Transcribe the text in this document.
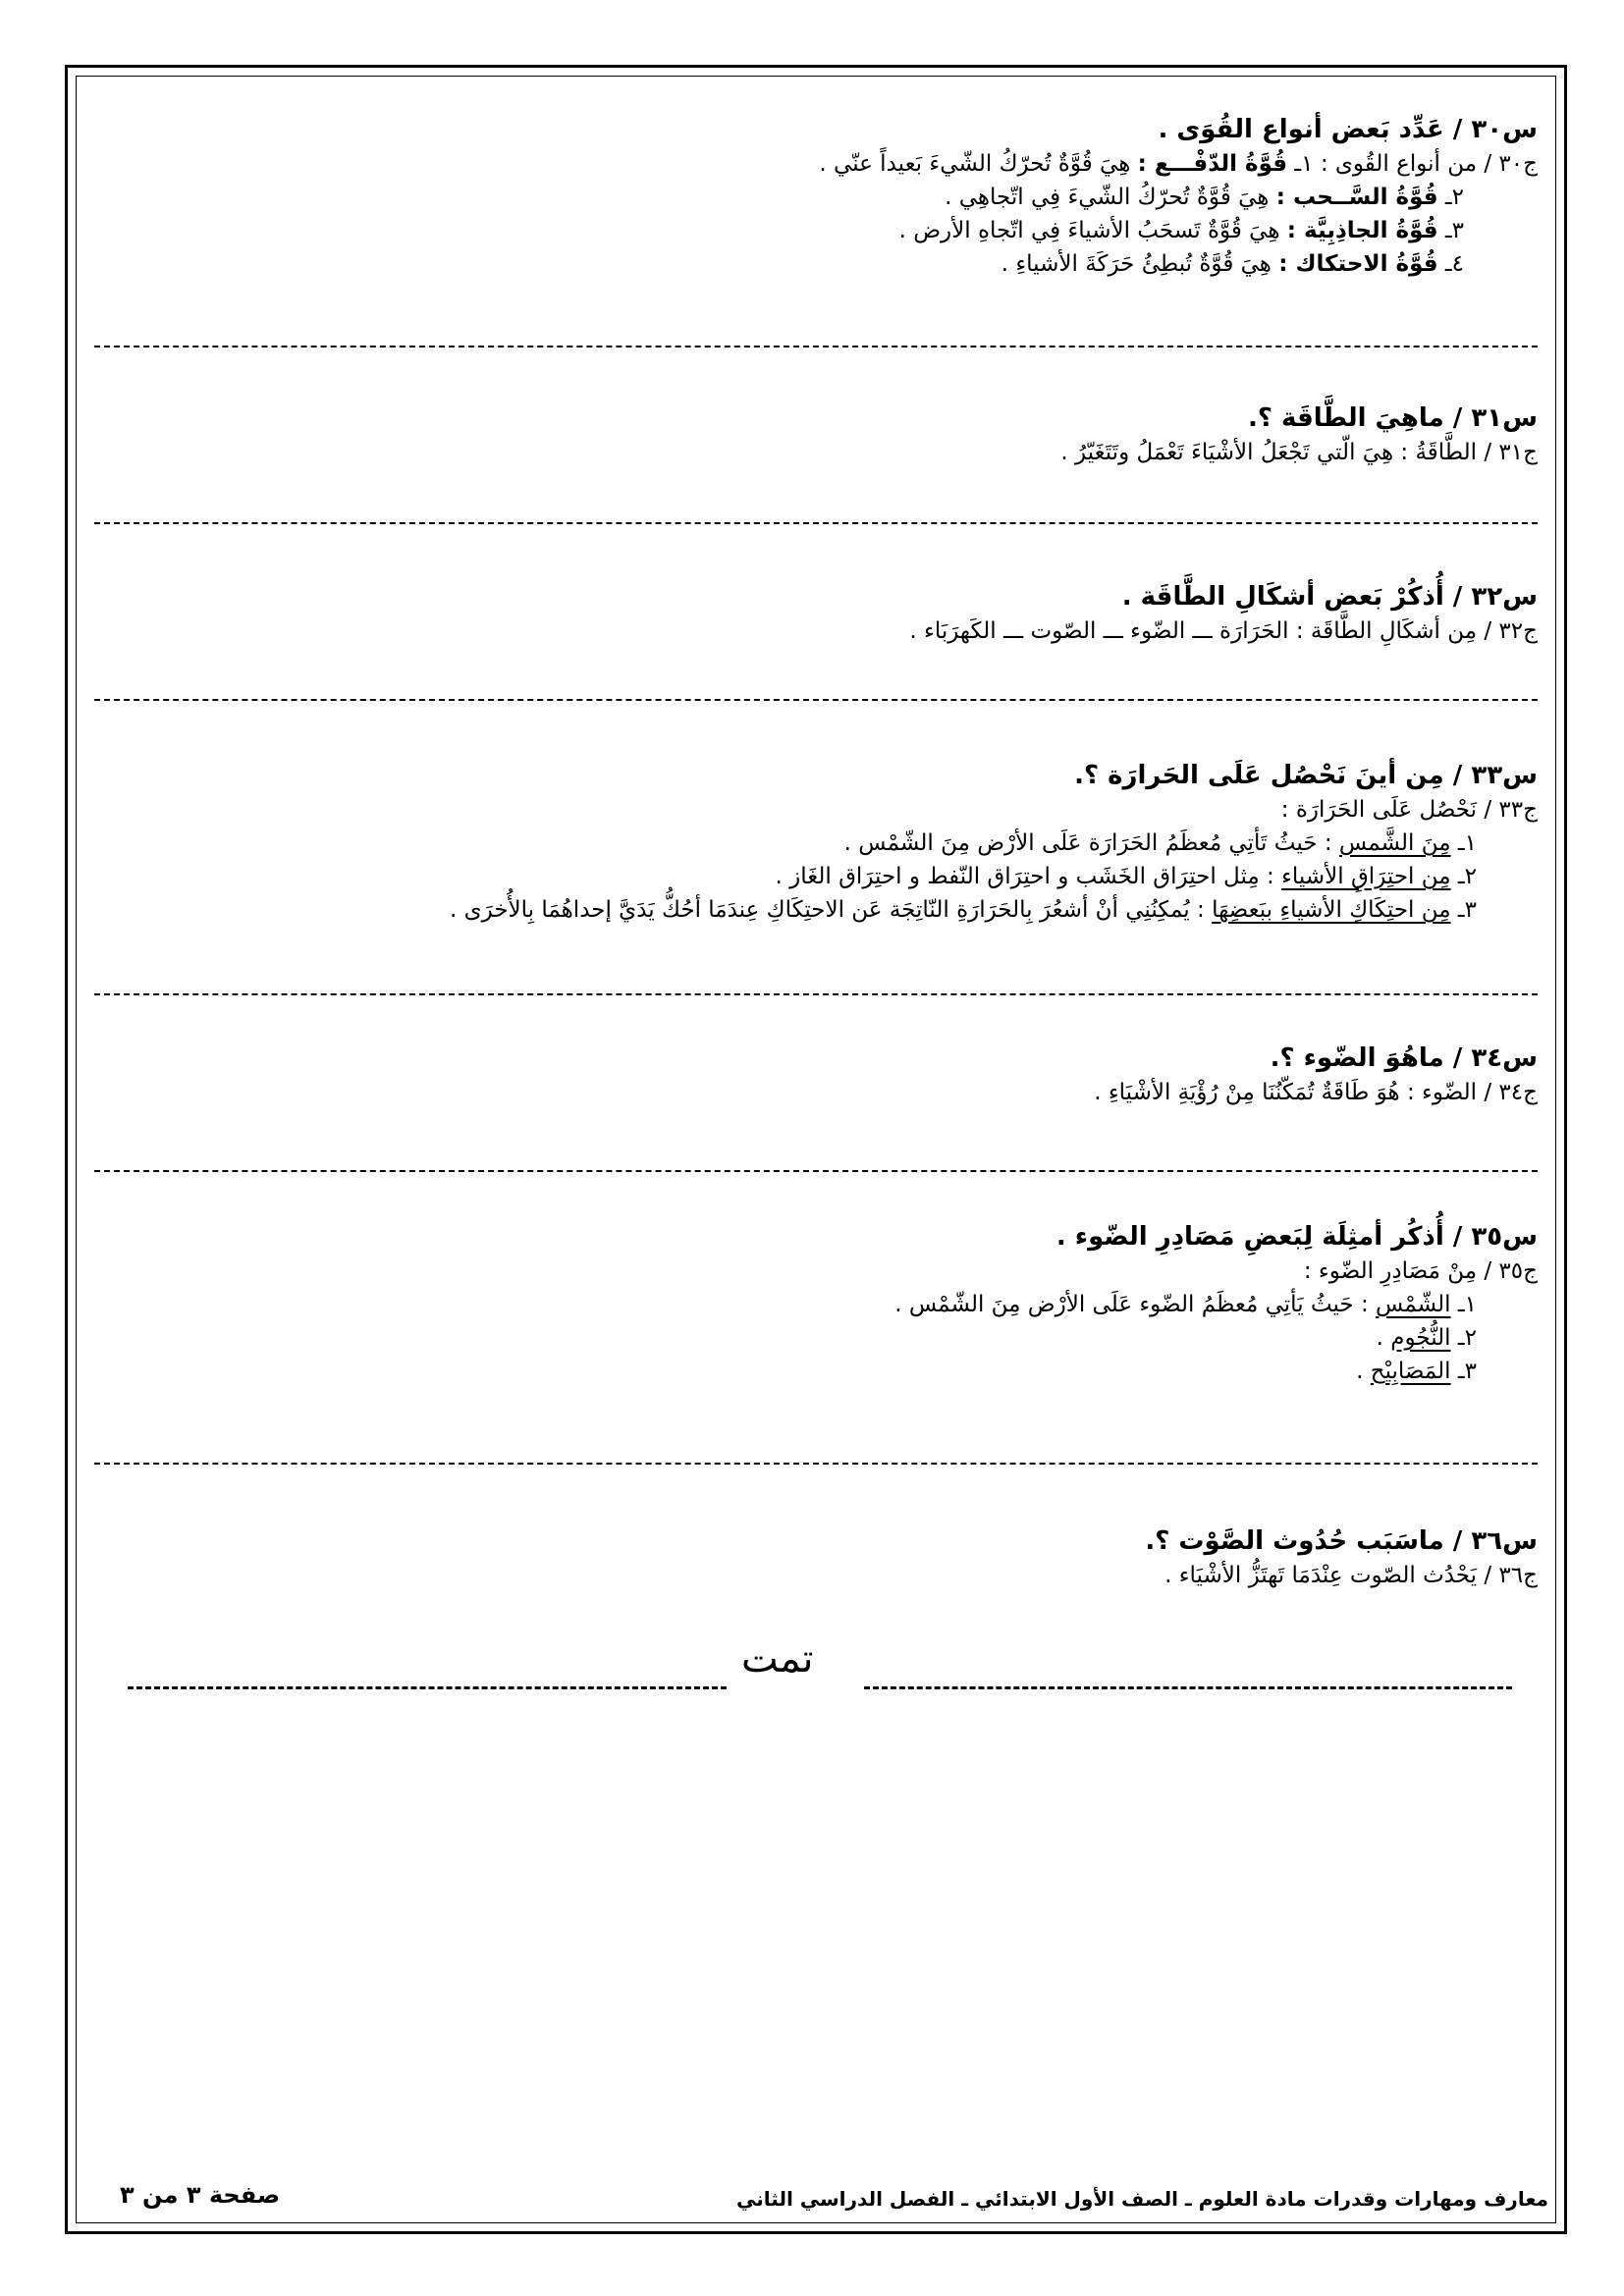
س٣٠ / عَدِّد بَعض أنواع القُوَى .
ج٣٠ / من أنواع القُوى : ١ـ قُوَّةُ الدّفْـــع : هِيَ قُوَّةٌ تُحرّكُ الشّيءَ بَعيداً عنّي .
٢ـ قُوَّةُ السَّــحب : هِيَ قُوَّةٌ تُحرّكُ الشّيءَ فِي اتّجاهِي .
٣ـ قُوَّةُ الجاذِبِيَّة : هِيَ قُوَّةٌ تَسحَبُ الأشياءَ فِي اتّجاهِ الأرض .
٤ـ قُوَّةُ الاحتكاك : هِيَ قُوَّةٌ تُبطِئُ حَرَكَةَ الأشياءِ .
س٣١ / ماهِيَ الطَّاقَة ؟.
ج٣١ / الطَّاقَةُ : هِيَ الّتي تَجْعَلُ الأشْيَاءَ تَعْمَلُ وتَتَغَيّرُ .
س٣٢ / أُذكُرْ بَعض أشكَالِ الطَّاقَة .
ج٣٢ / مِن أشكَالِ الطَّاقَة : الحَرَارَة ـــ الضّوء ـــ الصّوت ـــ الكَهرَبَاء .
س٣٣ / مِن أينَ نَحْصُل عَلَى الحَرارَة ؟.
ج٣٣ / نَحْصُل عَلَى الحَرَارَة :
١ـ مِنَ الشَّمس : حَيثُ تَأتِي مُعظَمُ الحَرَارَة عَلَى الأرْض مِنَ الشّمْس .
٢ـ مِن احتِرَاقِ الأشياء : مِثل احتِرَاق الخَشَب و احتِرَاق النّفط و احتِرَاق الغَاز .
٣ـ مِن احتِكَاكِ الأشياءِ ببَعضِهَا : يُمكِنُنِي أنْ أشعُرَ بِالحَرَارَةِ النّاتِجَة عَن الاحتِكَاكِ عِندَمَا أحُكُّ يَدَيَّ إحداهُمَا بِالأُخرَى .
س٣٤ / ماهُوَ الضّوء ؟.
ج٣٤ / الضّوء : هُوَ طَاقَةٌ تُمَكّنُنَا مِنْ رُؤْيَةِ الأشْيَاءِ .
س٣٥ / أُذكُر أمثِلَة لِبَعضِ مَصَادِرِ الضّوء .
ج٣٥ / مِنْ مَصَادِرِ الضّوء :
١ـ الشّمْس : حَيثُ يَأتِي مُعظَمُ الضّوء عَلَى الأرْض مِنَ الشّمْس .
٢ـ النُّجُوم .
٣ـ المَصَابِيْح .
س٣٦ / ماسَبَب حُدُوث الصَّوْت ؟.
ج٣٦ / يَحْدُث الصّوت عِنْدَمَا تَهتَزُّ الأشْيَاء .
تمت
معارف ومهارات وقدرات مادة العلوم ـ الصف الأول الابتدائي ـ الفصل الدراسي الثاني
صفحة ٣ من ٣
